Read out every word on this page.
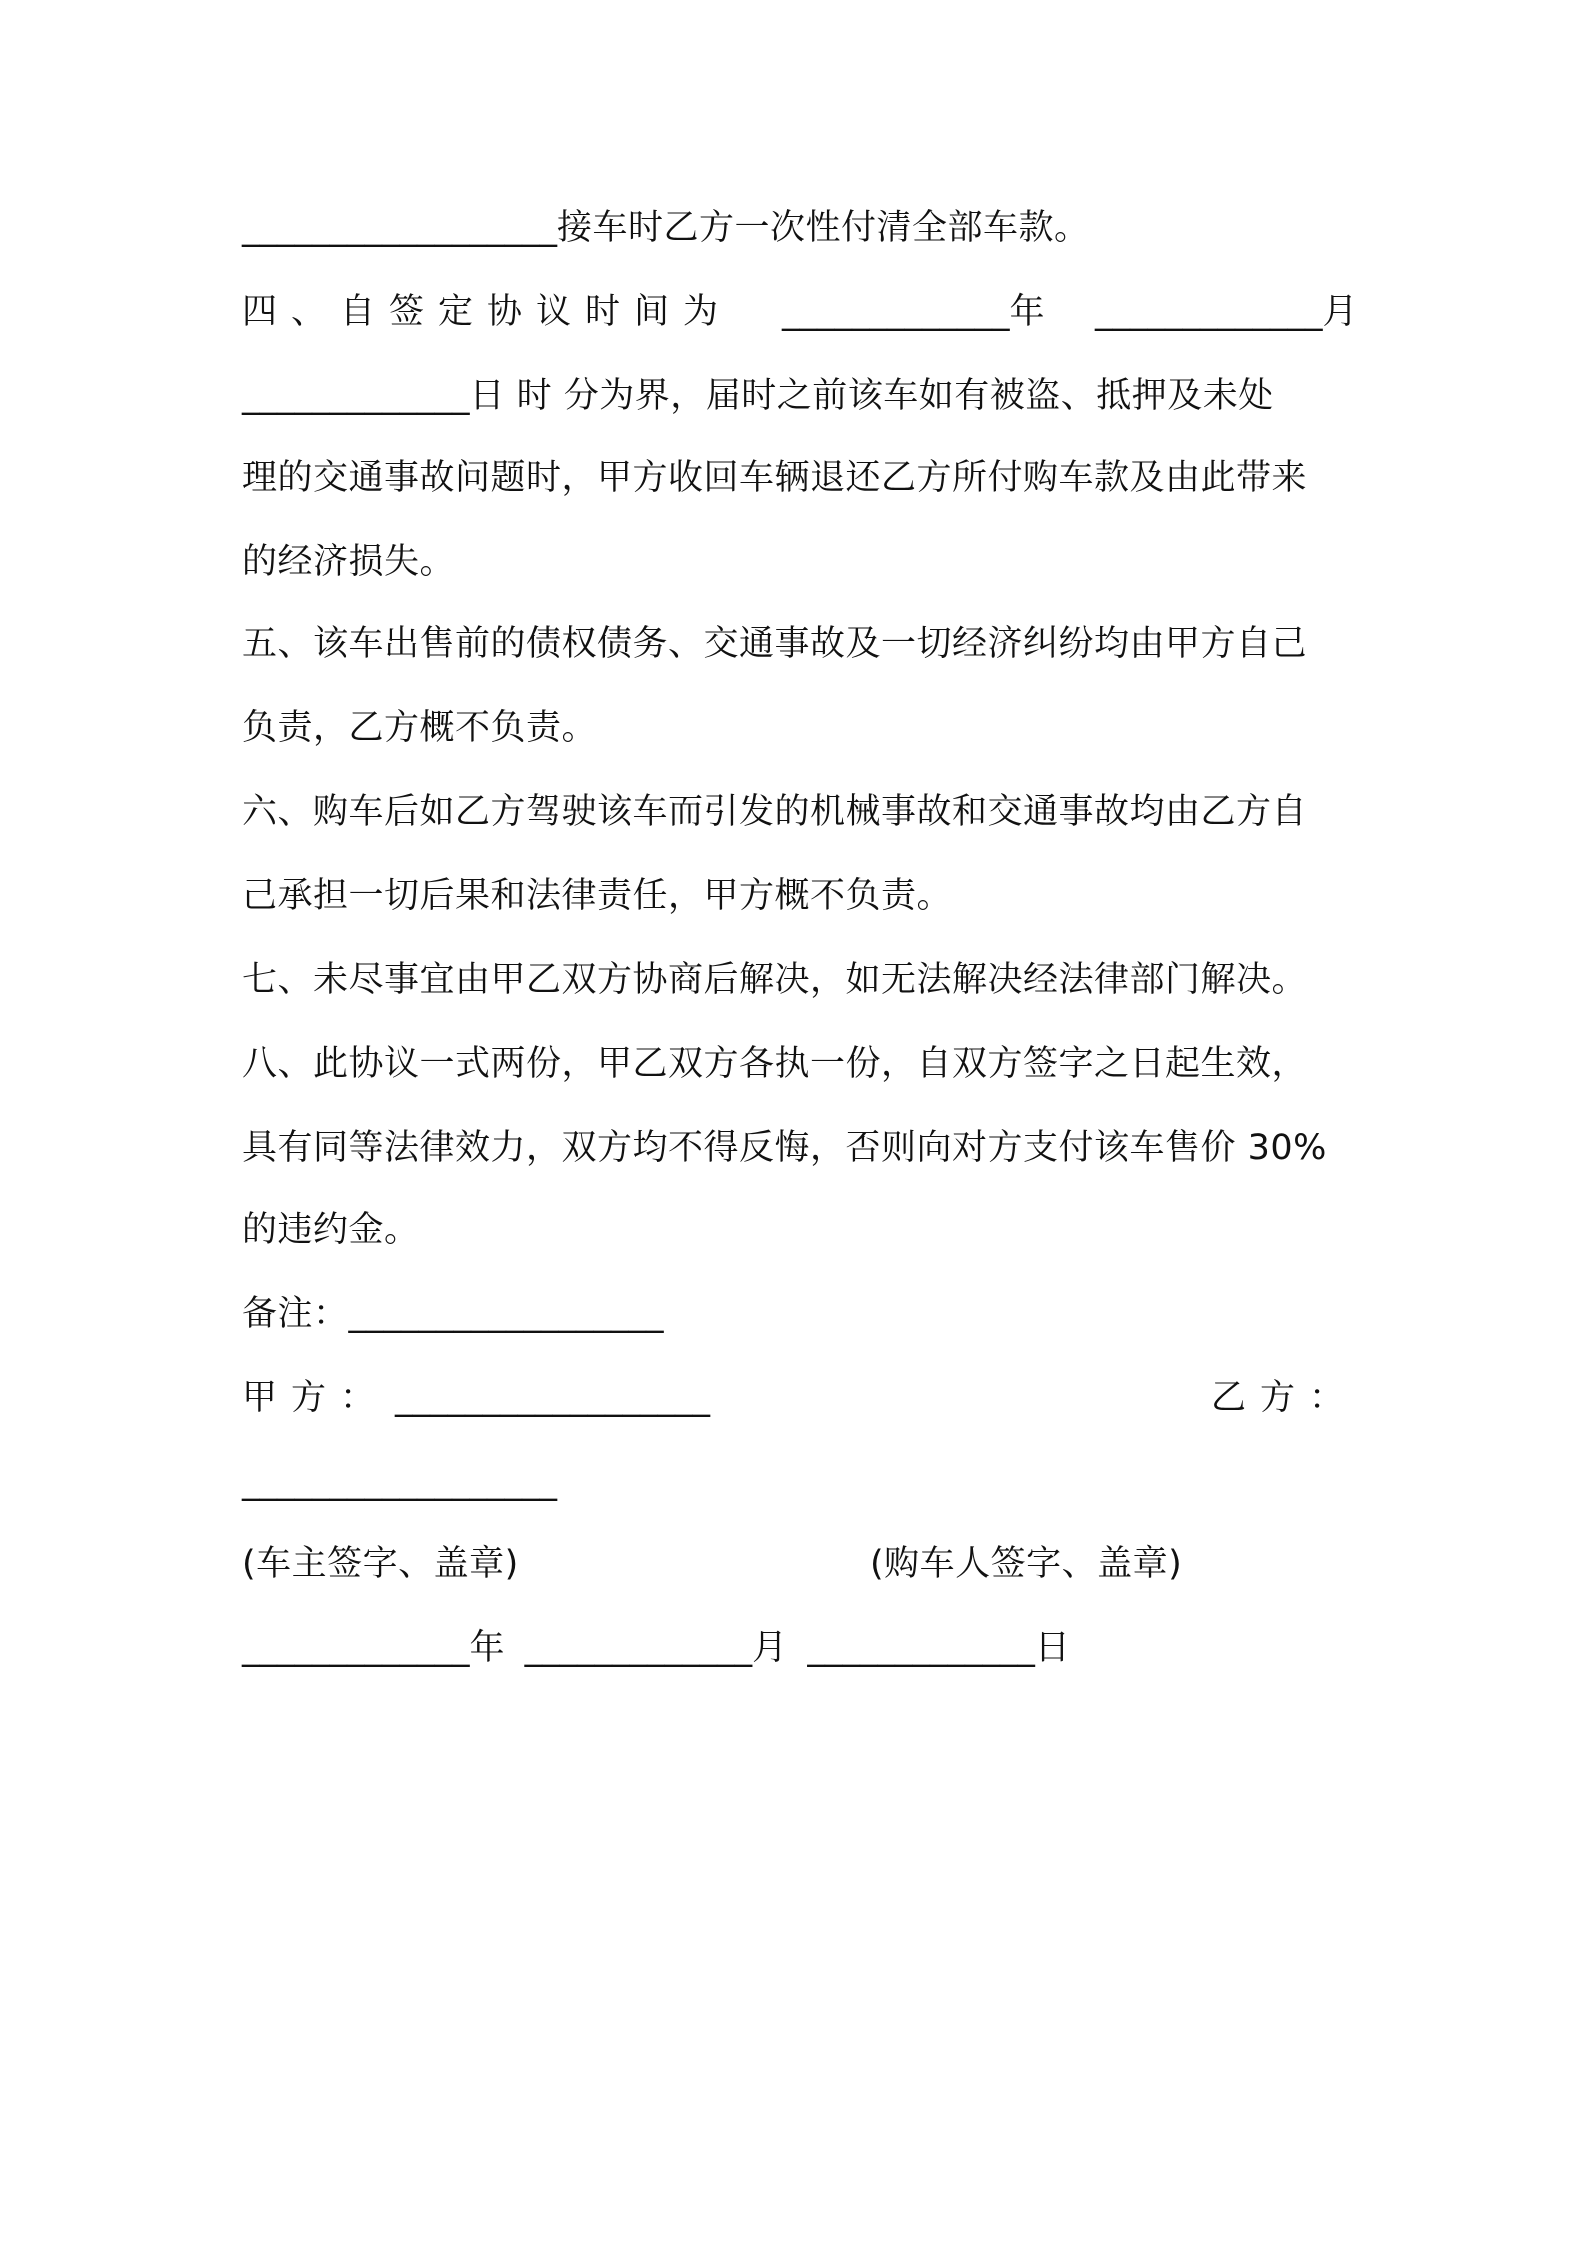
__________________接车时乙方一次性付清全部车款。
四、自签定协议时间为 _____________年 _____________月
_____________日 时 分为界，届时之前该车如有被盗、抵押及未处
理的交通事故问题时，甲方收回车辆退还乙方所付购车款及由此带来
的经济损失。
五、该车出售前的债权债务、交通事故及一切经济纠纷均由甲方自己
负责，乙方概不负责。
六、购车后如乙方驾驶该车而引发的机械事故和交通事故均由乙方自
己承担一切后果和法律责任，甲方概不负责。
七、未尽事宜由甲乙双方协商后解决，如无法解决经法律部门解决。
八、此协议一式两份，甲乙双方各执一份，自双方签字之日起生效，
具有同等法律效力，双方均不得反悔，否则向对方支付该车售价 30%
的违约金。
备注：__________________
甲方： __________________	乙方：
__________________
(车主签字、盖章)	(购车人签字、盖章)
_____________年 _____________月 _____________日
